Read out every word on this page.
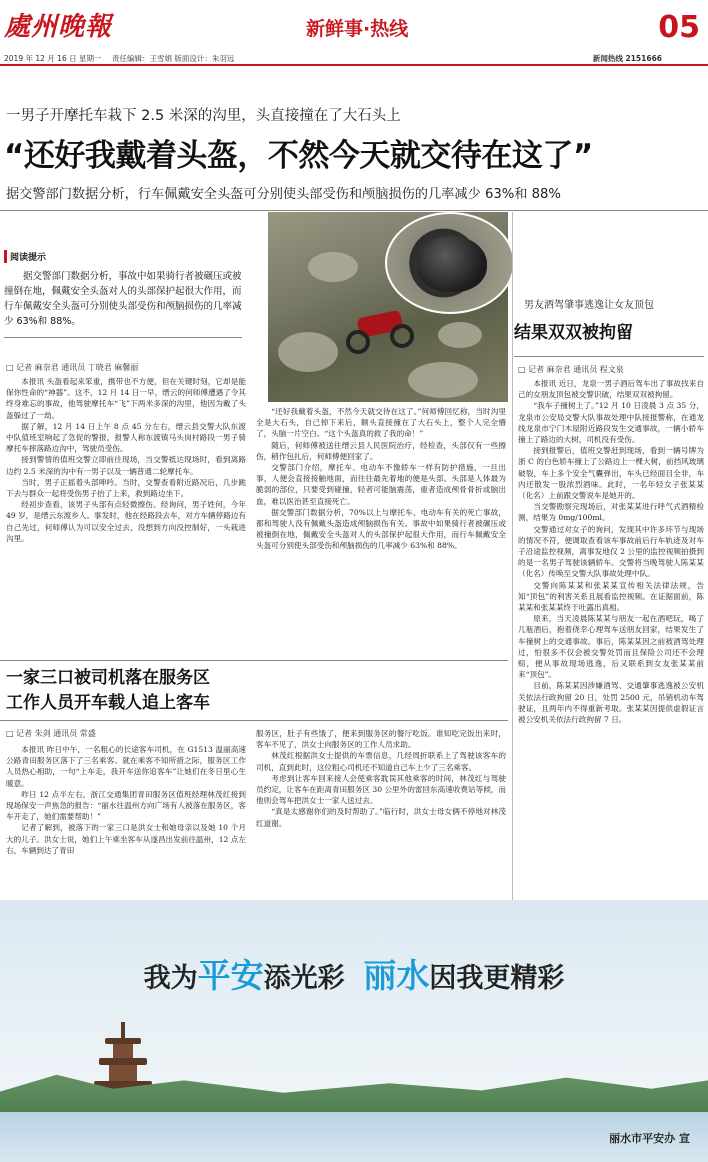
處州晚報	新鲜事·热线	05
2019 年 12 月 16 日 星期一 责任编辑：王雪娟 版面设计：朱羽远	新闻热线 2151666
一男子开摩托车栽下 2.5 米深的沟里，头直接撞在了大石头上
“还好我戴着头盔，不然今天就交待在这了”
据交警部门数据分析，行车佩戴安全头盔可分别使头部受伤和颅脑损伤的几率减少 63%和 88%
阅读提示
据交警部门数据分析，事故中如果骑行者被碾压或被撞倒在地，佩戴安全头盔对人的头部保护起很大作用，而行车佩戴安全头盔可分别使头部受伤和颅脑损伤的几率减少 63%和 88%。
□ 记者 麻奈君 通讯员 丁晓君 麻馨丽

本报讯 头盔看起来笨重，携带也不方便，但在关键时刻，它却是能保你性命的“神器”。这不，12 月 14 日一早，缙云的何师傅遭遇了令其终身难忘的事故，他驾驶摩托车“飞”下两米多深的沟里，他因为戴了头盔躲过了一劫。

据了解，12 月 14 日上午 8 点 45 分左右，缙云县交警大队东渡中队值班室响起了急促的警报，报警人称东渡镇马头岗村路段一男子骑摩托车摔落路边沟中，驾驶员受伤。

接到警情的值班交警立即前往现场，当交警抵达现场时，看到离路边约 2.5 米深的沟中有一男子以及一辆普通二轮摩托车。

当时，男子正摇着头部呻吟。当时，交警查看附近路况后，几步跳下去与群众一起将受伤男子抬了上来，救到路边坐下。

经初步查看，该男子头部有点轻微擦伤。经询问，男子姓何，今年 49 岁，是缙云东渡乡人。事发时，他在经路段去车，对方车辆停路边有自己先过，何师傅认为可以安全过去，没想到方向没控制好，一头栽进沟里。

“还好我戴着头盔，不然今天就交待在这了。”何师傅回忆称，当时沟里全是大石头，自己掉下来后，额头直接撞在了大石头上，整个人完全懵了，头脑一片空白。“这个头盔真的救了我的命！”

随后，何师傅被送往缙云县人民医院治疗，经检查，头部仅有一些擦伤，稍作包扎后，何师傅便回家了。

交警部门介绍，摩托车、电动车不像轿车一样有防护措施，一旦出事，人便会直接接触地面，而住往最先着地的便是头部。头部是人体最为脆弱的部位，只要受到碰撞，轻者可能脑震荡，重者造成颅骨骨折或脑出血，难以医治甚至直接死亡。

据交警部门数据分析，70%以上与摩托车、电动车有关的死亡事故，都和驾驶人没有佩戴头盔造成颅脑损伤有关。事故中如果骑行者被碾压或被撞倒在地，佩戴安全头盔对人的头部保护起很大作用，而行车佩戴安全头盔可分别使头部受伤和颅脑损伤的几率减少 63%和 88%。

男友酒驾肇事逃逸让女友顶包
结果双双被拘留
□ 记者 麻奈君 通讯员 程文泉

本报讯 近日，龙泉一男子酒后驾车出了事故找来自己的女朋友顶包被交警识破，结果双双被拘留。

“我车子撞树上了。”12 月 10 日凌晨 3 点 35 分，龙泉市公安局交警大队事故处理中队接报警称，在通龙线龙泉市宁门木屋附近路段发生交通事故，一辆小轿车撞上了路边的大树，司机没有受伤。

接到报警后，值班交警赶到现场，看到一辆号牌为浙 C 的白色轿车撞上了公路边上一棵大树，前挡风玻璃破裂，车上多个安全气囊弹出，车头已经面目全非，车内还散发一股浓烈酒味。此时，一名年轻女子张某某（化名）上前跟交警说车是她开的。

当交警勘察完现场后，对张某某进行呼气式酒精检测，结果为 0mg/100ml。

交警通过对女子的询问，发现其中许多环节与现场的情况不符，便调取查看该车事故前后行车轨迹及对车子沿途监控视频，离事发地仅 2 公里的监控视频拍摄到的是一名男子驾驶该辆轿车。交警将当晚驾驶人陈某某（化名）传唤至交警大队事故处理中队。

交警向陈某某和张某某宣传相关法律法规，告知“顶包”的利害关系且展看监控视频。在证据面前，陈某某和张某某终于吐露出真相。

原来，当天凌晨陈某某与朋友一起在酒吧玩，喝了几瓶酒后，抱着侥幸心理驾车送朋友回家，结果发生了车撞树上的交通事故。事后，陈某某因之前被酒驾处理过，怕很多不仅会被交警处罚而且保险公司还不会理赔，便从事故现场逃逸，后又联系到女友张某某前来“顶包”。

目前，陈某某因涉嫌酒驾、交通肇事逃逸被公安机关依法行政拘留 20 日，处罚 2500 元，吊销机动车驾驶证，且两年内不得重新考取。张某某因提供虚假证言被公安机关依法行政拘留 7 日。

一家三口被司机落在服务区
工作人员开车载人追上客车
□ 记者 朱剑 通讯员 常盛

本报讯 昨日中午，一名粗心的长途客车司机，在 G1513 温丽高速公路青田服务区落下了三名乘客。就在乘客不知所措之际，服务区工作人员热心相助，一句“上车走，我开车送你追客车”让她们在冬日里心生暖意。

昨日 12 点半左右，浙江交通集团青田服务区值班经理林茂红接到现场保安一声焦急的报告：“丽水往温州方向广场有人被落在服务区，客车开走了，她们需要帮助！”

记者了解到，被落下的一家三口是洪女士和她母亲以及她 10 个月大的儿子。洪女士说，她们上午乘坐客车从遂昌出发前往温州，12 点左右，车辆到达了青田

服务区，肚子有些饿了，便来到服务区的餐厅吃饭。谁知吃完饭出来时，客车不见了，洪女士向服务区的工作人员求助。

林茂红根据洪女士提供的车票信息，几经周折联系上了驾驶该客车的司机，直到此时，这位粗心司机还不知道自己车上少了三名乘客。

考虑到让客车回来接人会使乘客耽误其他乘客的时间，林茂红与驾驶员约定，让客车在距离青田服务区 30 公里外的雷回东高速收费站等候，而他则会驾车把洪女士一家人送过去。

“真是太感谢你们的及时帮助了。”临行时，洪女士母女俩不停地对林茂红道谢。

我为平安添光彩 丽水因我更精彩
丽水市平安办 宣
